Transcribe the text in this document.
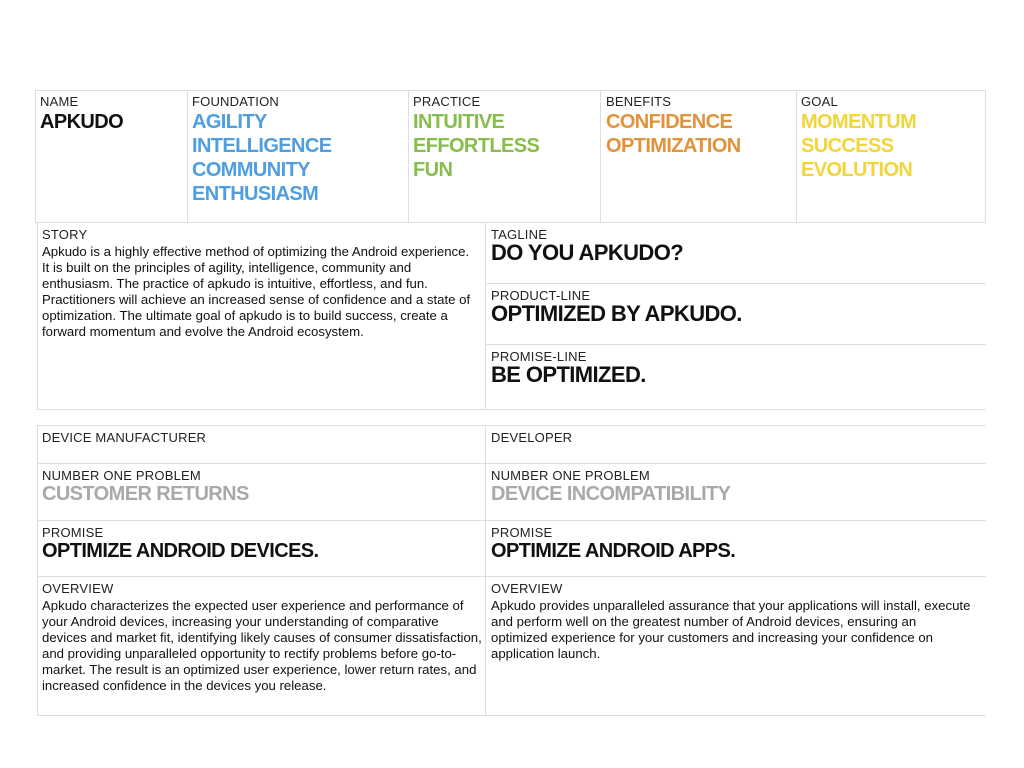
NAME
APKUDO
FOUNDATION
AGILITY
INTELLIGENCE
COMMUNITY
ENTHUSIASM
PRACTICE
INTUITIVE
EFFORTLESS
FUN
BENEFITS
CONFIDENCE
OPTIMIZATION
GOAL
MOMENTUM
SUCCESS
EVOLUTION
STORY
Apkudo is a highly effective method of optimizing the Android experience. It is built on the principles of agility, intelligence, community and enthusiasm. The practice of apkudo is intuitive, effortless, and fun. Practitioners will achieve an increased sense of confidence and a state of optimization. The ultimate goal of apkudo is to build success, create a forward momentum and evolve the Android ecosystem.
TAGLINE
DO YOU APKUDO?
PRODUCT-LINE
OPTIMIZED BY APKUDO.
PROMISE-LINE
BE OPTIMIZED.
DEVICE MANUFACTURER
NUMBER ONE PROBLEM
CUSTOMER RETURNS
PROMISE
OPTIMIZE ANDROID DEVICES.
OVERVIEW
Apkudo characterizes the expected user experience and performance of your Android devices, increasing your understanding of comparative devices and market fit, identifying likely causes of consumer dissatisfaction, and providing unparalleled opportunity to rectify problems before go-to-market. The result is an optimized user experience, lower return rates, and increased confidence in the devices you release.
DEVELOPER
NUMBER ONE PROBLEM
DEVICE INCOMPATIBILITY
PROMISE
OPTIMIZE ANDROID APPS.
OVERVIEW
Apkudo provides unparalleled assurance that your applications will install, execute and perform well on the greatest number of Android devices, ensuring an optimized experience for your customers and increasing your confidence on application launch.
